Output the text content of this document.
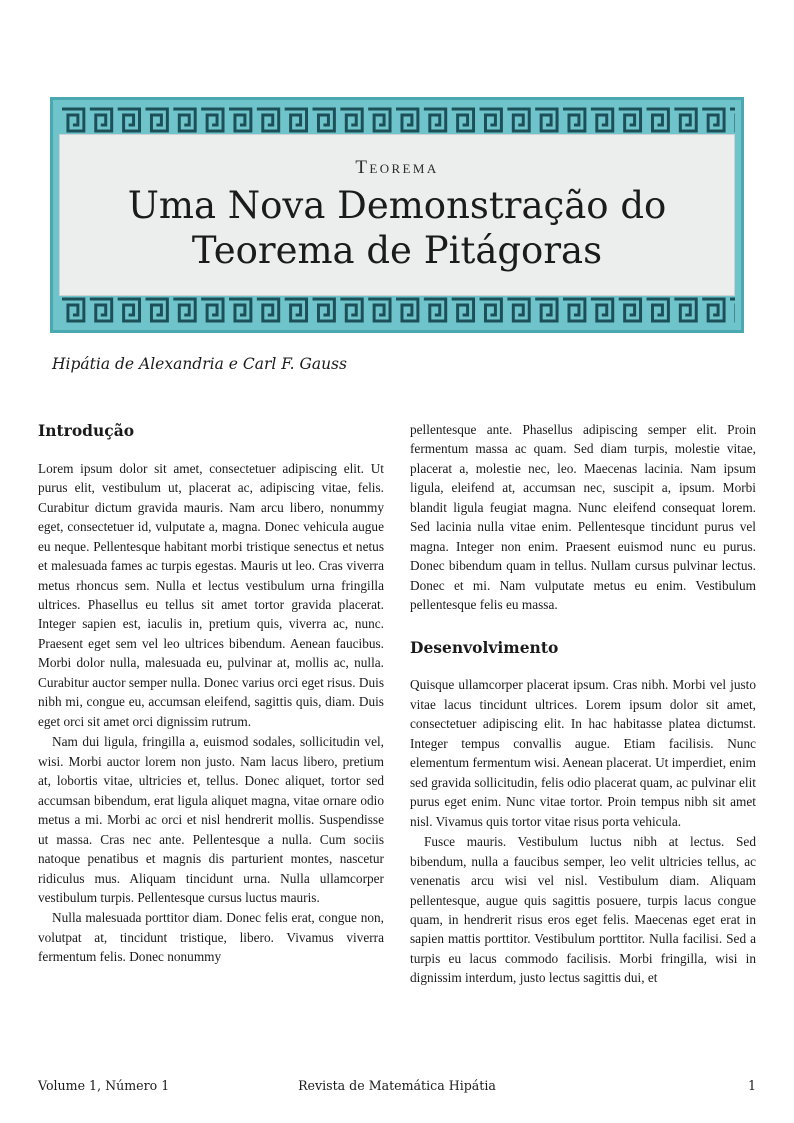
Teorema
Uma Nova Demonstração do
Teorema de Pitágoras
Hipátia de Alexandria e Carl F. Gauss
Introdução

Lorem ipsum dolor sit amet, consectetuer adipiscing elit. Ut purus elit, vestibulum ut, placerat ac, adipiscing vitae, felis. Curabitur dictum gravida mauris. Nam arcu libero, nonummy eget, consectetuer id, vulputate a, magna. Donec vehicula augue eu neque. Pellentesque habitant morbi tristique senectus et netus et malesuada fames ac turpis egestas. Mauris ut leo. Cras viverra metus rhoncus sem. Nulla et lectus vestibulum urna fringilla ultrices. Phasellus eu tellus sit amet tortor gravida placerat. Integer sapien est, iaculis in, pretium quis, viverra ac, nunc. Praesent eget sem vel leo ultrices bibendum. Aenean faucibus. Morbi dolor nulla, malesuada eu, pulvinar at, mollis ac, nulla. Curabitur auctor semper nulla. Donec varius orci eget risus. Duis nibh mi, congue eu, accumsan eleifend, sagittis quis, diam. Duis eget orci sit amet orci dignissim rutrum.

Nam dui ligula, fringilla a, euismod sodales, sollicitudin vel, wisi. Morbi auctor lorem non justo. Nam lacus libero, pretium at, lobortis vitae, ultricies et, tellus. Donec aliquet, tortor sed accumsan bibendum, erat ligula aliquet magna, vitae ornare odio metus a mi. Morbi ac orci et nisl hendrerit mollis. Suspendisse ut massa. Cras nec ante. Pellentesque a nulla. Cum sociis natoque penatibus et magnis dis parturient montes, nascetur ridiculus mus. Aliquam tincidunt urna. Nulla ullamcorper vestibulum turpis. Pellentesque cursus luctus mauris.

Nulla malesuada porttitor diam. Donec felis erat, congue non, volutpat at, tincidunt tristique, libero. Vivamus viverra fermentum felis. Donec nonummy

pellentesque ante. Phasellus adipiscing semper elit. Proin fermentum massa ac quam. Sed diam turpis, molestie vitae, placerat a, molestie nec, leo. Maecenas lacinia. Nam ipsum ligula, eleifend at, accumsan nec, suscipit a, ipsum. Morbi blandit ligula feugiat magna. Nunc eleifend consequat lorem. Sed lacinia nulla vitae enim. Pellentesque tincidunt purus vel magna. Integer non enim. Praesent euismod nunc eu purus. Donec bibendum quam in tellus. Nullam cursus pulvinar lectus. Donec et mi. Nam vulputate metus eu enim. Vestibulum pellentesque felis eu massa.

Desenvolvimento

Quisque ullamcorper placerat ipsum. Cras nibh. Morbi vel justo vitae lacus tincidunt ultrices. Lorem ipsum dolor sit amet, consectetuer adipiscing elit. In hac habitasse platea dictumst. Integer tempus convallis augue. Etiam facilisis. Nunc elementum fermentum wisi. Aenean placerat. Ut imperdiet, enim sed gravida sollicitudin, felis odio placerat quam, ac pulvinar elit purus eget enim. Nunc vitae tortor. Proin tempus nibh sit amet nisl. Vivamus quis tortor vitae risus porta vehicula.

Fusce mauris. Vestibulum luctus nibh at lectus. Sed bibendum, nulla a faucibus semper, leo velit ultricies tellus, ac venenatis arcu wisi vel nisl. Vestibulum diam. Aliquam pellentesque, augue quis sagittis posuere, turpis lacus congue quam, in hendrerit risus eros eget felis. Maecenas eget erat in sapien mattis porttitor. Vestibulum porttitor. Nulla facilisi. Sed a turpis eu lacus commodo facilisis. Morbi fringilla, wisi in dignissim interdum, justo lectus sagittis dui, et

Volume 1, Número 1	Revista de Matemática Hipátia	1
